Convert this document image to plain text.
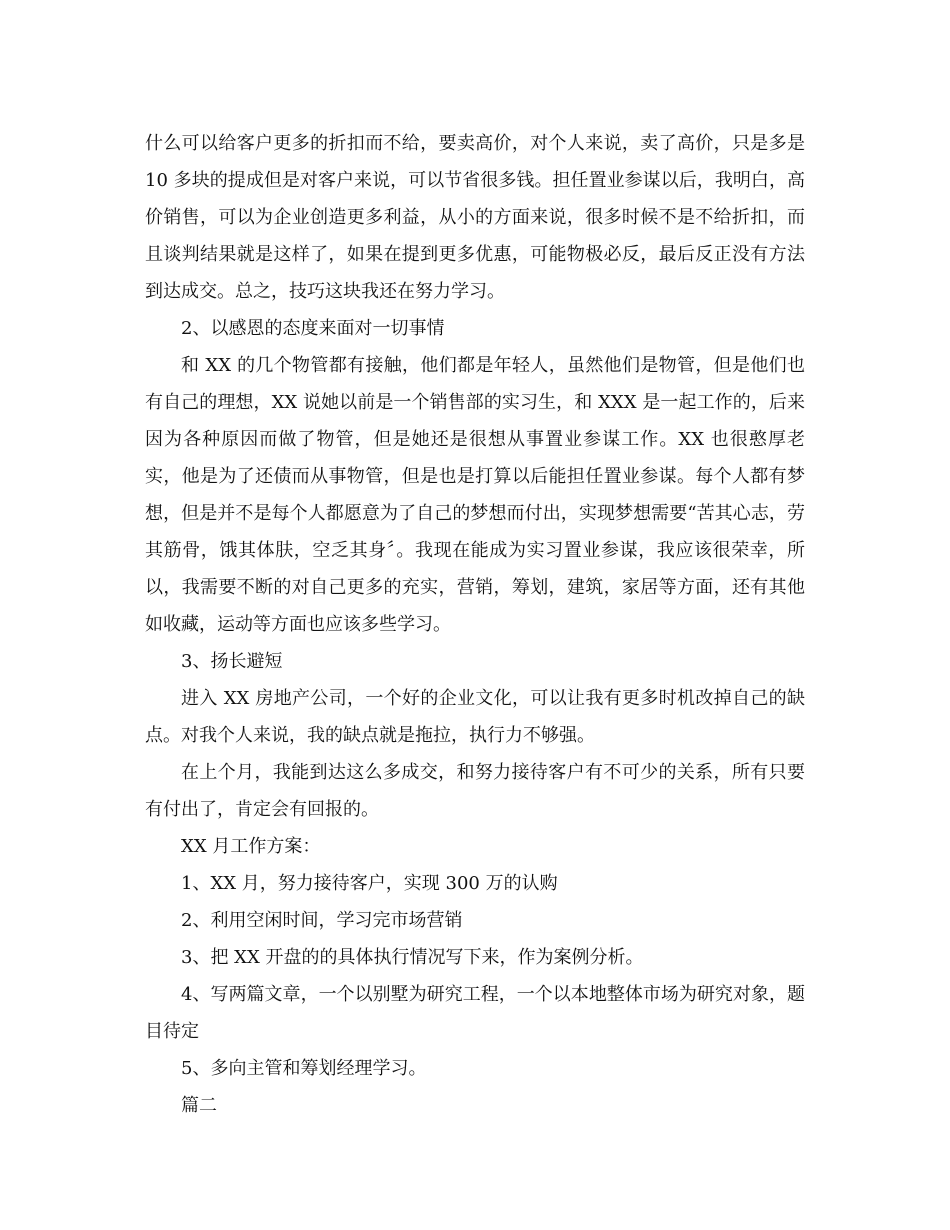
什么可以给客户更多的折扣而不给，要卖高价，对个人来说，卖了高价，只是多是 10 多块的提成但是对客户来说，可以节省很多钱。担任置业参谋以后，我明白，高价销售，可以为企业创造更多利益，从小的方面来说，很多时候不是不给折扣，而且谈判结果就是这样了，如果在提到更多优惠，可能物极必反，最后反正没有方法到达成交。总之，技巧这块我还在努力学习。

2、以感恩的态度来面对一切事情

和 XX 的几个物管都有接触，他们都是年轻人，虽然他们是物管，但是他们也有自己的理想，XX 说她以前是一个销售部的实习生，和 XXX 是一起工作的，后来因为各种原因而做了物管，但是她还是很想从事置业参谋工作。XX 也很憨厚老实，他是为了还债而从事物管，但是也是打算以后能担任置业参谋。每个人都有梦想，但是并不是每个人都愿意为了自己的梦想而付出，实现梦想需要“苦其心志，劳其筋骨，饿其体肤，空乏其身〞。我现在能成为实习置业参谋，我应该很荣幸，所以，我需要不断的对自己更多的充实，营销，筹划，建筑，家居等方面，还有其他如收藏，运动等方面也应该多些学习。

3、扬长避短

进入 XX 房地产公司，一个好的企业文化，可以让我有更多时机改掉自己的缺点。对我个人来说，我的缺点就是拖拉，执行力不够强。

在上个月，我能到达这么多成交，和努力接待客户有不可少的关系，所有只要有付出了，肯定会有回报的。

XX 月工作方案：

1、XX 月，努力接待客户，实现 300 万的认购

2、利用空闲时间，学习完市场营销

3、把 XX 开盘的的具体执行情况写下来，作为案例分析。

4、写两篇文章，一个以别墅为研究工程，一个以本地整体市场为研究对象，题目待定

5、多向主管和筹划经理学习。

篇二
